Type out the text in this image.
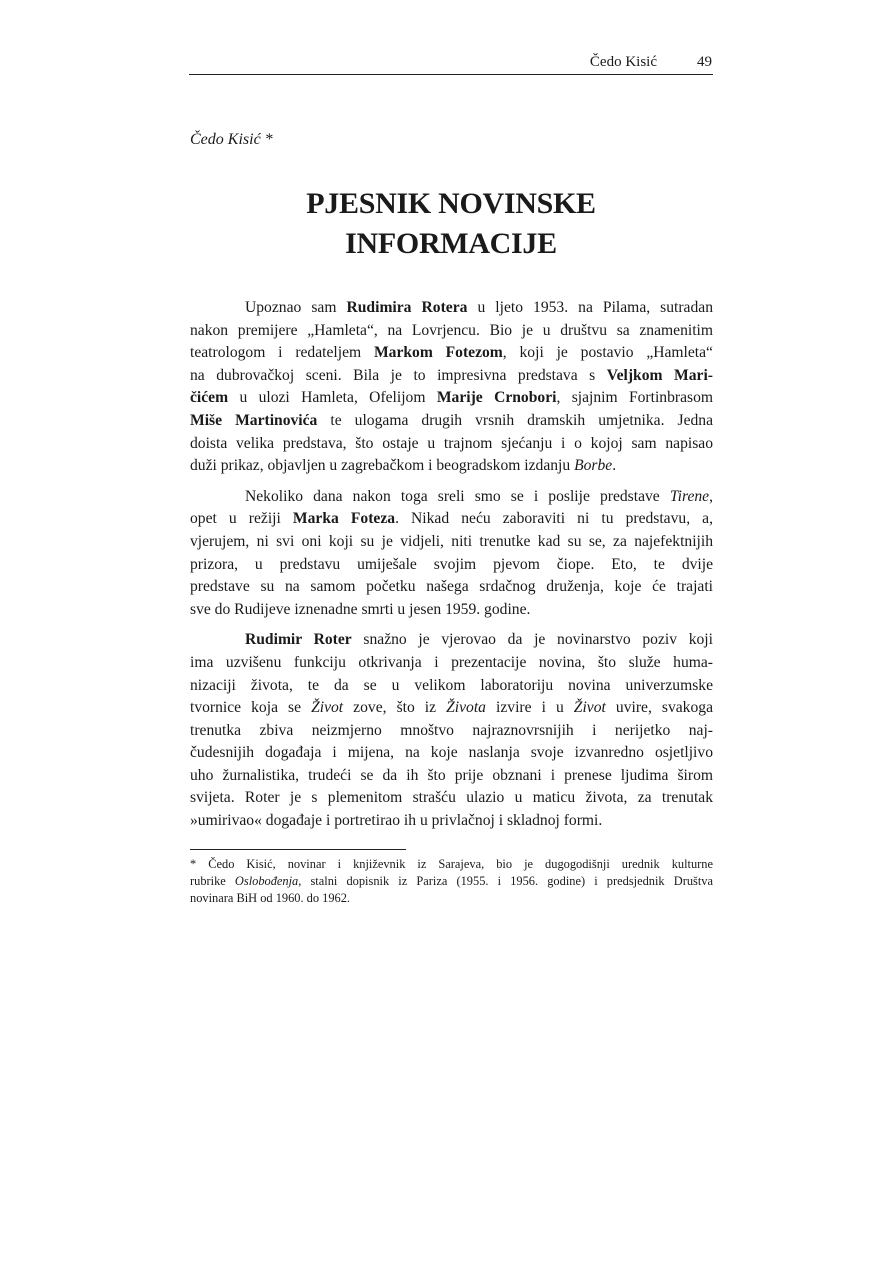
Čedo Kisić	49
Čedo Kisić *
PJESNIK NOVINSKE
INFORMACIJE
Upoznao sam Rudimira Rotera u ljeto 1953. na Pilama, sutradan
nakon premijere „Hamleta“, na Lovrjencu. Bio je u društvu sa znamenitim
teatrologom i redateljem Markom Fotezom, koji je postavio „Hamleta“
na dubrovačkoj sceni. Bila je to impresivna predstava s Veljkom Mari-
čićem u ulozi Hamleta, Ofelijom Marije Crnobori, sjajnim Fortinbrasom
Miše Martinovića te ulogama drugih vrsnih dramskih umjetnika. Jedna
doista velika predstava, što ostaje u trajnom sjećanju i o kojoj sam napisao
duži prikaz, objavljen u zagrebačkom i beogradskom izdanju Borbe.
Nekoliko dana nakon toga sreli smo se i poslije predstave Tirene,
opet u režiji Marka Foteza. Nikad neću zaboraviti ni tu predstavu, a,
vjerujem, ni svi oni koji su je vidjeli, niti trenutke kad su se, za najefektnijih
prizora, u predstavu umiješale svojim pjevom čiope. Eto, te dvije
predstave su na samom početku našega srdačnog druženja, koje će trajati
sve do Rudijeve iznenadne smrti u jesen 1959. godine.
Rudimir Roter snažno je vjerovao da je novinarstvo poziv koji
ima uzvišenu funkciju otkrivanja i prezentacije novina, što služe huma-
nizaciji života, te da se u velikom laboratoriju novina univerzumske
tvornice koja se Život zove, što iz Života izvire i u Život uvire, svakoga
trenutka zbiva neizmjerno mnoštvo najraznovrsnijih i nerijetko naj-
čudesnijih događaja i mijena, na koje naslanja svoje izvanredno osjetljivo
uho žurnalistika, trudeći se da ih što prije obznani i prenese ljudima širom
svijeta. Roter je s plemenitom strašću ulazio u maticu života, za trenutak
»umirivao« događaje i portretirao ih u privlačnoj i skladnoj formi.
* Čedo Kisić, novinar i književnik iz Sarajeva, bio je dugogodišnji urednik kulturne
rubrike Oslobođenja, stalni dopisnik iz Pariza (1955. i 1956. godine) i predsjednik Društva
novinara BiH od 1960. do 1962.
